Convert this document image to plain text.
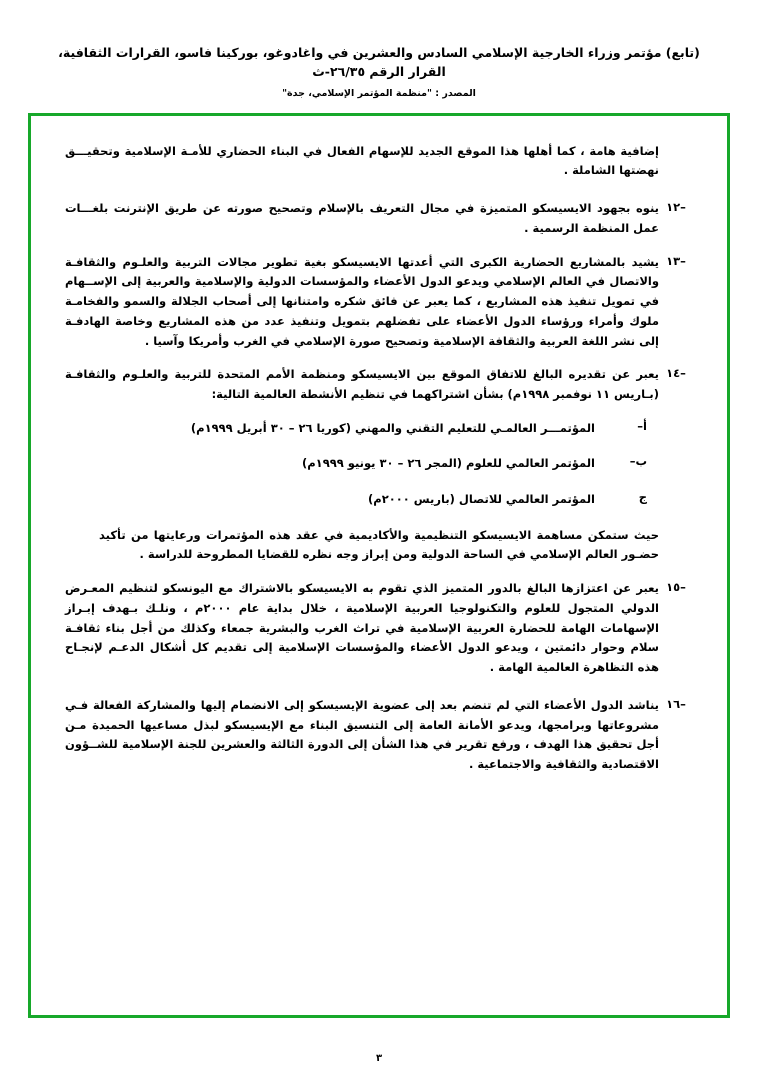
(تابع) مؤتمر وزراء الخارجية الإسلامي السادس والعشرين في واغادوغو، بوركينا فاسو، القرارات الثقافية، القرار الرقم ٢٦/٣٥-ث
المصدر : "منظمة المؤتمر الإسلامي، جدة"
إضافية هامة ، كما أهلها هذا الموقع الجديد للإسهام الفعال في البناء الحضاري للأمـة الإسلامية وتحقيـــق نهضتها الشاملة .
–١٢
ينوه بجهود الايسيسكو المتميزة في مجال التعريف بالإسلام وتصحيح صورته عن طريق الإنترنت بلغـــات عمل المنظمة الرسمية .
–١٣
يشيد بالمشاريع الحضارية الكبرى التي أعدتها الايسيسكو بغية تطوير مجالات التربية والعلـوم والثقافـة والاتصال في العالم الإسلامي ويدعو الدول الأعضاء والمؤسسات الدولية والإسلامية والعربية إلى الإســهام في تمويل تنفيذ هذه المشاريع ، كما يعبر عن فائق شكره وامتنانها إلى أصحاب الجلالة والسمو والفخامـة ملوك وأمراء ورؤساء الدول الأعضاء على تفضلهم بتمويل وتنفيذ عدد من هذه المشاريع وخاصة الهادفـة إلى نشر اللغة العربية والثقافة الإسلامية وتصحيح صورة الإسلامي في الغرب وأمريكا وآسيا .
–١٤
يعبر عن تقديره البالغ للاتفاق الموقع بين الايسيسكو ومنظمة الأمم المتحدة للتربية والعلـوم والثقافـة (بـاريس ١١ نوفمبر ١٩٩٨م) بشأن اشتراكهما في تنظيم الأنشطة العالمية التالية:
أ–
المؤتمـــر العالمـي للتعليم التقني والمهني (كوريا ٢٦ – ٣٠ أبريل ١٩٩٩م)
ب–
المؤتمر العالمي للعلوم (المجر ٢٦ – ٣٠ يونيو ١٩٩٩م)
ج
المؤتمر العالمي للاتصال (باريس ٢٠٠٠م)
حيث ستمكن مساهمة الايسيسكو التنظيمية والأكاديمية في عقد هذه المؤتمرات ورعايتها من تأكيد حضـور العالم الإسلامي في الساحة الدولية ومن إبراز وجه نظره للقضايا المطروحة للدراسة .
–١٥
يعبر عن اعتزازها البالغ بالدور المتميز الذي تقوم به الايسيسكو بالاشتراك مع اليونسكو لتنظيم المعـرض الدولي المتجول للعلوم والتكنولوجيا العربية الإسلامية ، خلال بداية عام ٢٠٠٠م ، ونلـك بـهدف إبـراز الإسهامات الهامة للحضارة العربية الإسلامية في تراث الغرب والبشرية جمعاء وكذلك من أجل بناء ثقافـة سلام وحوار دائمتين ، ويدعو الدول الأعضاء والمؤسسات الإسلامية إلى تقديم كل أشكال الدعـم لإنجـاح هذه التظاهرة العالمية الهامة .
–١٦
يناشد الدول الأعضاء التي لم تنضم بعد إلى عضوية الإيسيسكو إلى الانضمام إليها والمشاركة الفعالة فـي مشروعاتها وبرامجها، ويدعو الأمانة العامة إلى التنسيق البناء مع الإيسيسكو لبذل مساعيها الحميدة مـن أجل تحقيق هذا الهدف ، ورفع تقرير في هذا الشأن إلى الدورة الثالثة والعشرين للجنة الإسلامية للشــؤون الاقتصادية والثقافية والاجتماعية .
٣
